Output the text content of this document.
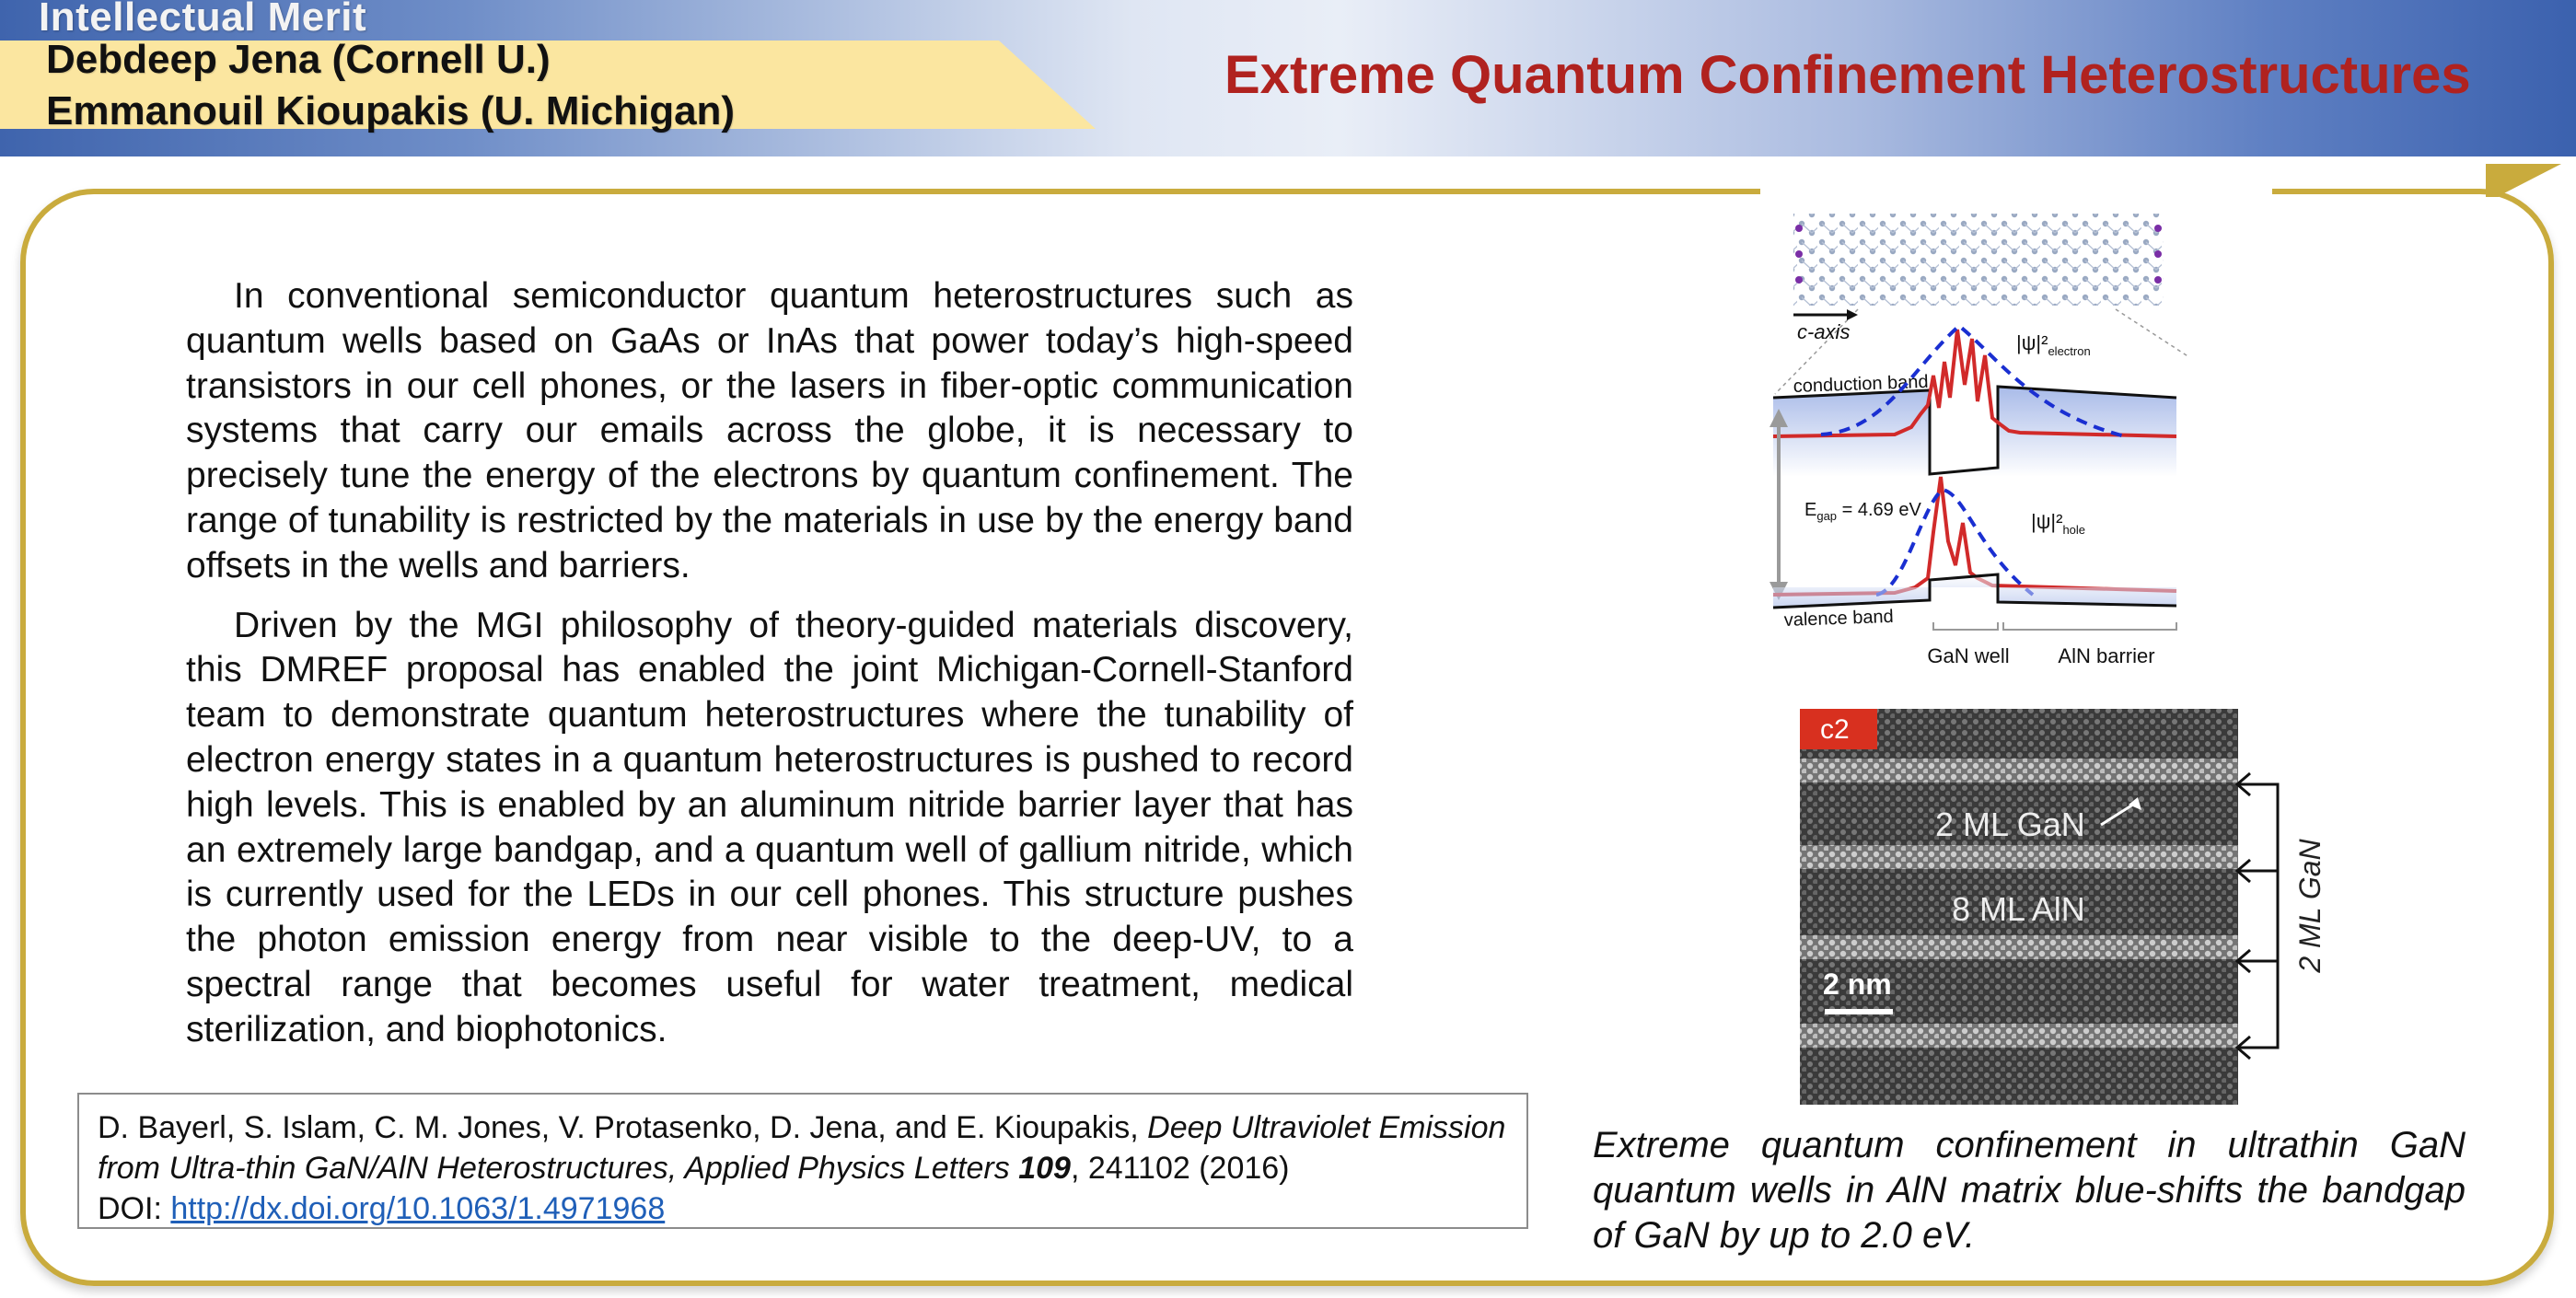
Intellectual Merit
Debdeep Jena (Cornell U.)
Emmanouil Kioupakis (U. Michigan)
Extreme Quantum Confinement Heterostructures

In conventional semiconductor quantum heterostructures such as quantum wells based on GaAs or InAs that power today’s high-speed transistors in our cell phones, or the lasers in fiber-optic communication systems that carry our emails across the globe, it is necessary to precisely tune the energy of the electrons by quantum confinement. The range of tunability is restricted by the materials in use by the energy band offsets in the wells and barriers.

Driven by the MGI philosophy of theory-guided materials discovery, this DMREF proposal has enabled the joint Michigan-Cornell-Stanford team to demonstrate quantum heterostructures where the tunability of electron energy states in a quantum heterostructures is pushed to record high levels. This is enabled by an aluminum nitride barrier layer that has an extremely large bandgap, and a quantum well of gallium nitride, which is currently used for the LEDs in our cell phones. This structure pushes the photon emission energy from near visible to the deep-UV, to a spectral range that becomes useful for water treatment, medical sterilization, and biophotonics.

D. Bayerl, S. Islam, C. M. Jones, V. Protasenko, D. Jena, and E. Kioupakis, Deep Ultraviolet Emission from Ultra-thin GaN/AlN Heterostructures, Applied Physics Letters 109, 241102 (2016)
DOI: http://dx.doi.org/10.1063/1.4971968
c-axis
conduction band
$|\psi|^2_{electron}$
$E_{gap} = 4.69$ eV	$|\psi|^2_{hole}$
valence band
GaN well AlN barrier
c2
2 ML GaN
8 ML AlN
2 nm
2 ML GaN
Extreme quantum confinement in ultrathin GaN quantum wells in AlN matrix blue-shifts the bandgap of GaN by up to 2.0 eV.
